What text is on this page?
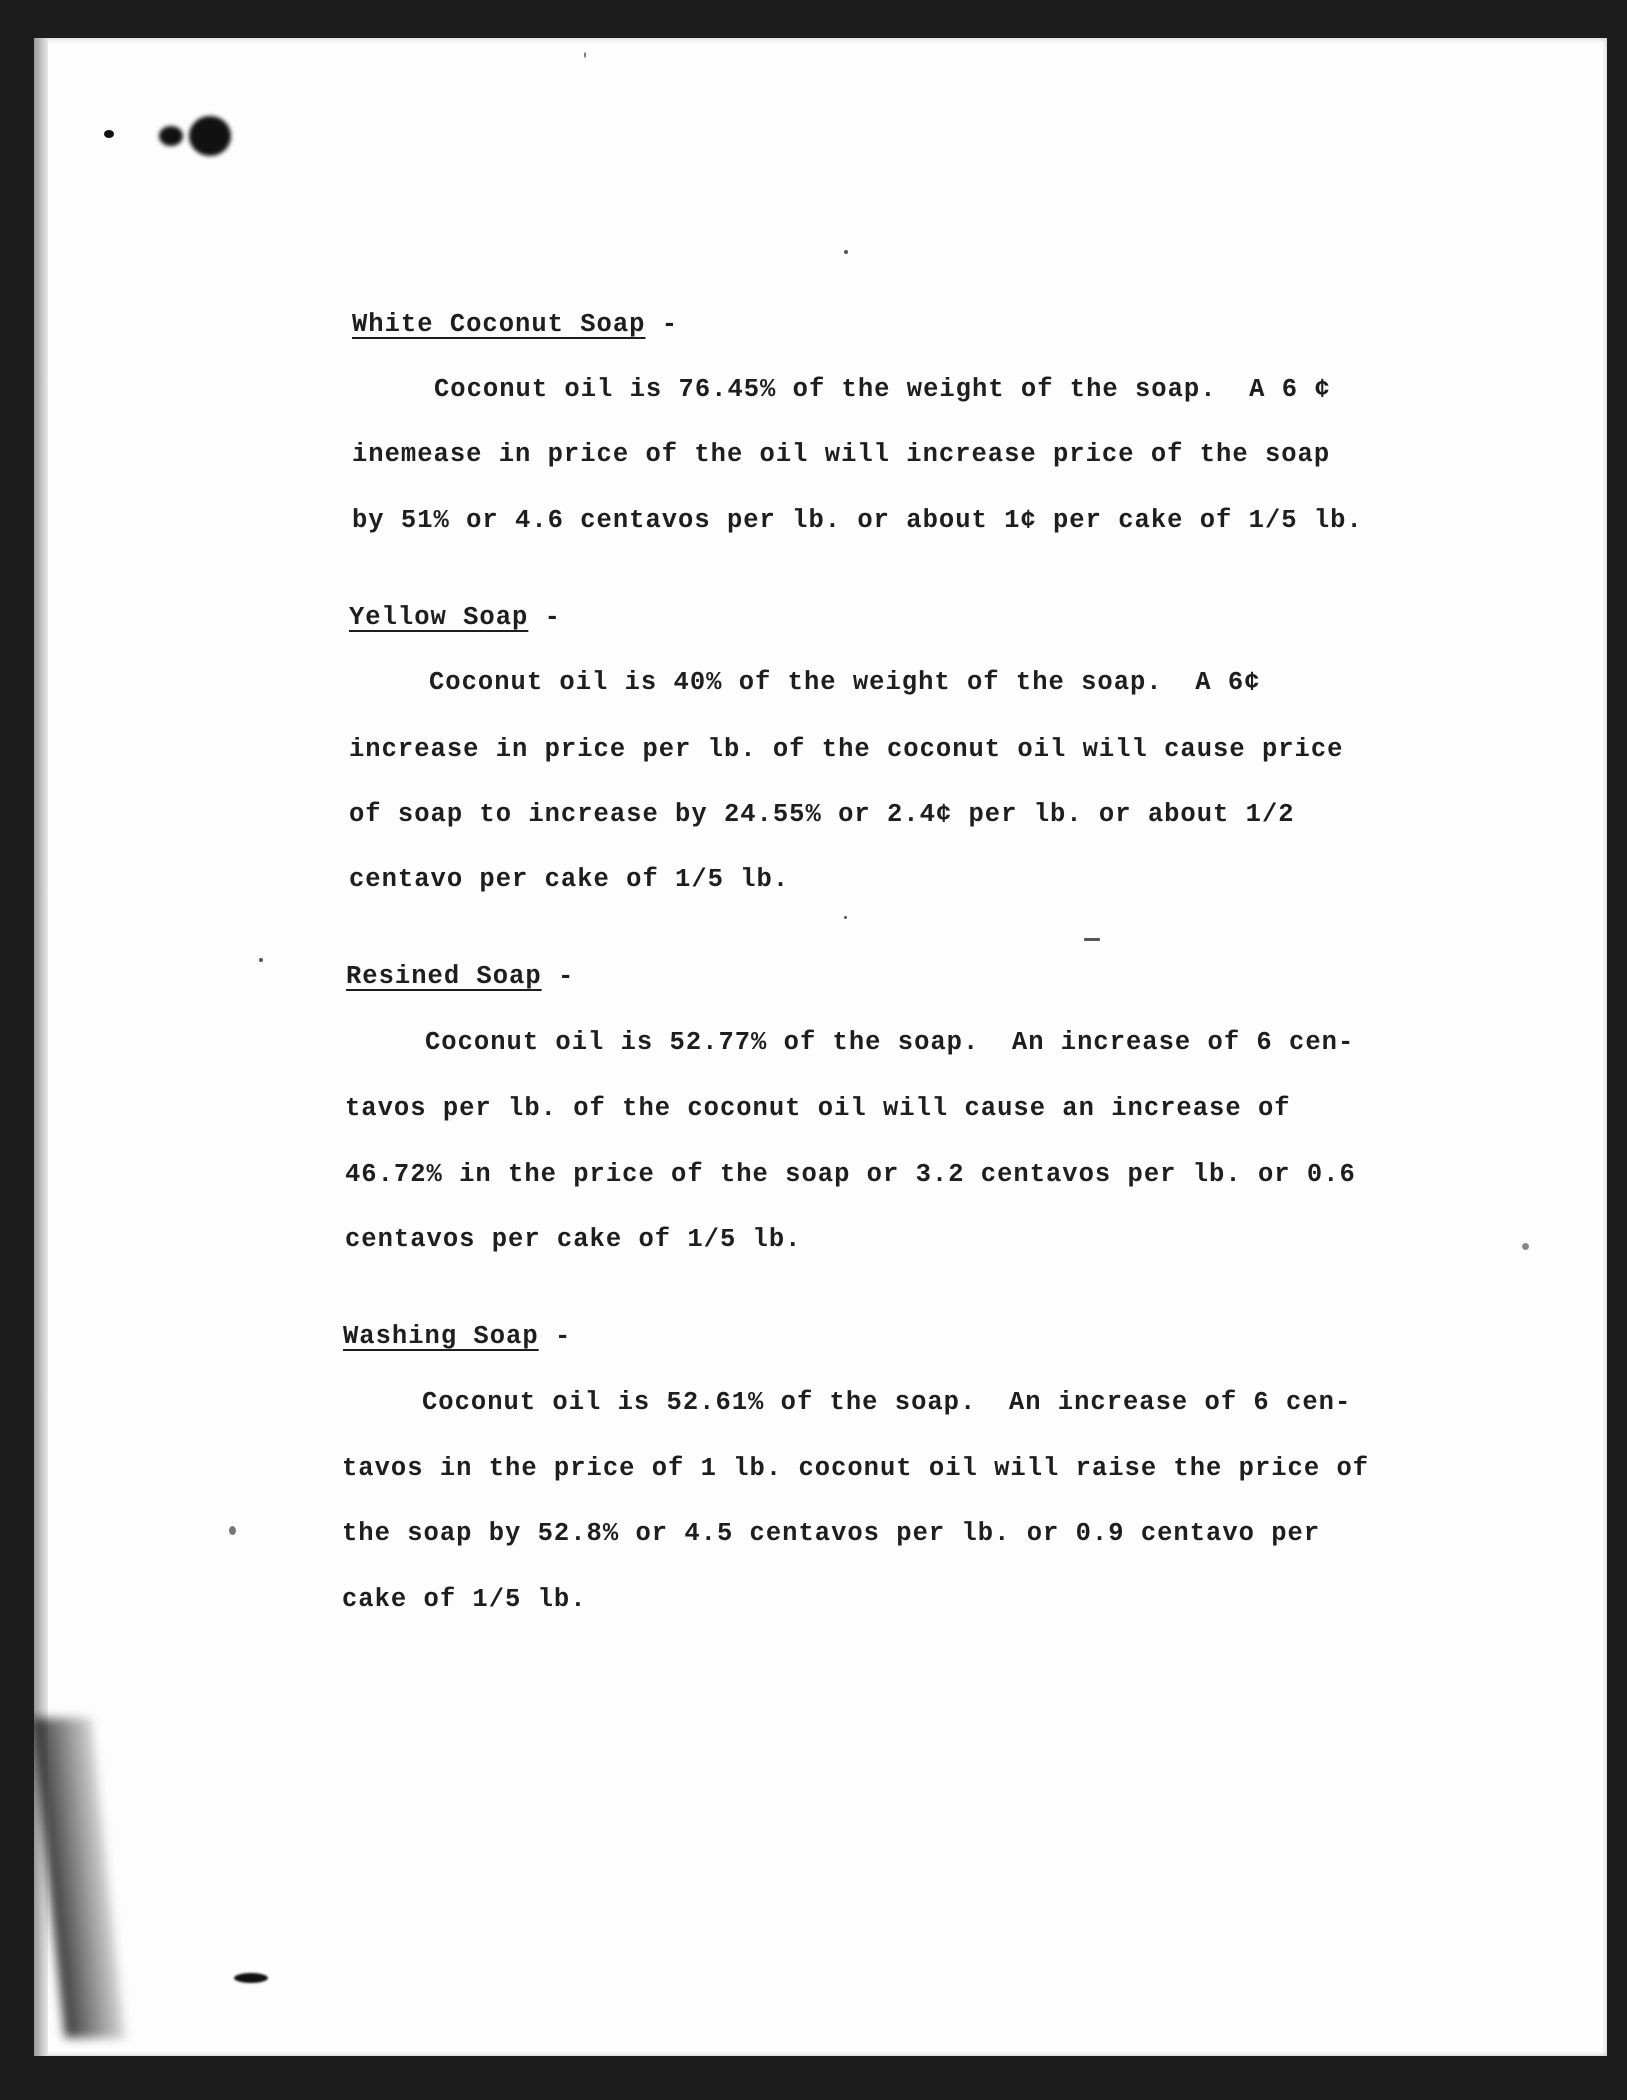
White Coconut Soap -
Coconut oil is 76.45% of the weight of the soap.  A 6 ¢
inemease in price of the oil will increase price of the soap
by 51% or 4.6 centavos per lb. or about 1¢ per cake of 1/5 lb.
Yellow Soap -
Coconut oil is 40% of the weight of the soap.  A 6¢
increase in price per lb. of the coconut oil will cause price
of soap to increase by 24.55% or 2.4¢ per lb. or about 1/2
centavo per cake of 1/5 lb.
Resined Soap -
Coconut oil is 52.77% of the soap.  An increase of 6 cen-
tavos per lb. of the coconut oil will cause an increase of
46.72% in the price of the soap or 3.2 centavos per lb. or 0.6
centavos per cake of 1/5 lb.
Washing Soap -
Coconut oil is 52.61% of the soap.  An increase of 6 cen-
tavos in the price of 1 lb. coconut oil will raise the price of
the soap by 52.8% or 4.5 centavos per lb. or 0.9 centavo per
cake of 1/5 lb.
